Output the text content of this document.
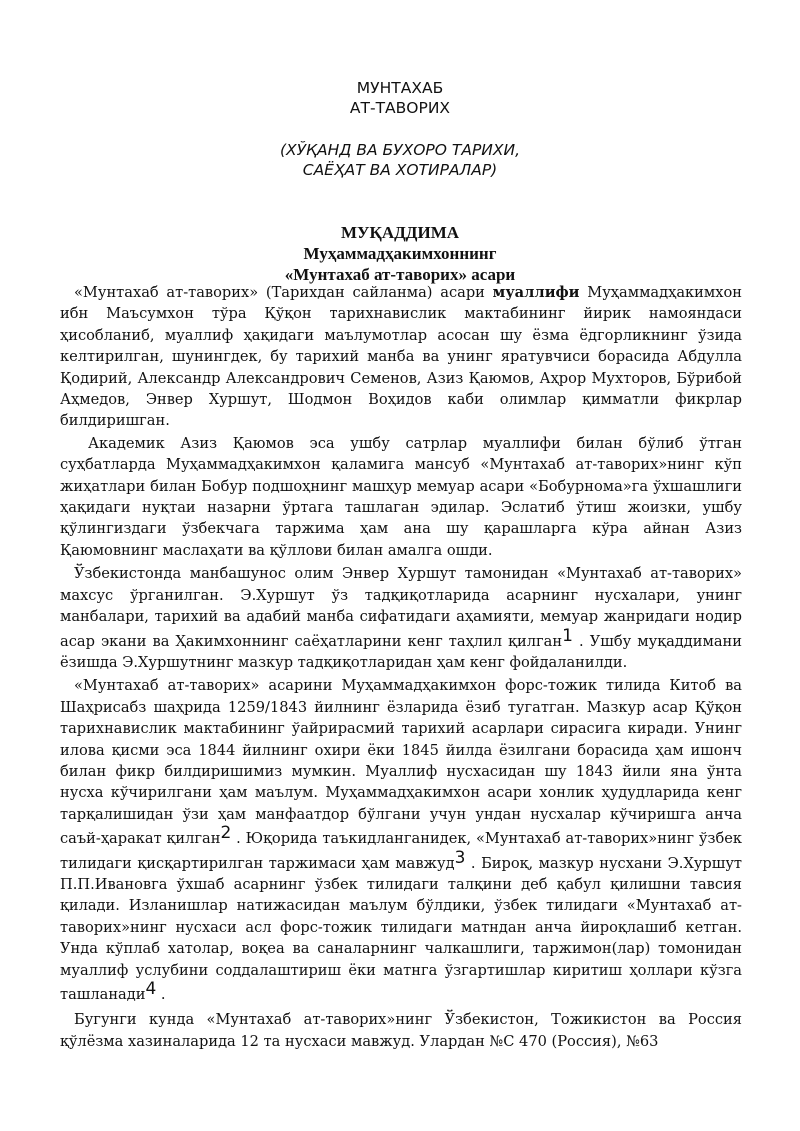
МУНТАХАБ
АТ-ТАВОРИХ
(ХЎҚАНД ВА БУХОРО ТАРИХИ,
САЁҲАТ ВА ХОТИРАЛАР)
МУҚАДДИМА
Муҳаммадҳакимхоннинг
«Мунтахаб ат-таворих» асари

«Мунтахаб ат-таворих» (Тарихдан сайланма) асари муаллифи Муҳаммадҳакимхон ибн Маъсумхон тўра Қўқон тарихнавислик мактабининг йирик намояндаси ҳисобланиб, муаллиф ҳақидаги маълумотлар асосан шу ёзма ёдгорликнинг ўзида келтирилган, шунингдек, бу тарихий манба ва унинг яратувчиси борасида Абдулла Қодирий, Александр Александрович Семенов, Азиз Қаюмов, Аҳрор Мухторов, Бўрибой Аҳмедов, Энвер Хуршут, Шодмон Воҳидов каби олимлар қимматли фикрлар билдиришган.

Академик Азиз Қаюмов эса ушбу сатрлар муаллифи билан бўлиб ўтган суҳбатларда Муҳаммадҳакимхон қаламига мансуб «Мунтахаб ат-таворих»нинг кўп жиҳатлари билан Бобур подшоҳнинг машҳур мемуар асари «Бобурнома»га ўхшашлиги ҳақидаги нуқтаи назарни ўртага ташлаган эдилар. Эслатиб ўтиш жоизки, ушбу қўлингиздаги ўзбекчага таржима ҳам ана шу қарашларга кўра айнан Азиз Қаюмовнинг маслаҳати ва қўллови билан амалга ошди.

Ўзбекистонда манбашунос олим Энвер Хуршут тамонидан «Мунтахаб ат-таворих» махсус ўрганилган. Э.Хуршут ўз тадқиқотларида асарнинг нусхалари, унинг манбалари, тарихий ва адабий манба сифатидаги аҳамияти, мемуар жанридаги нодир асар экани ва Ҳакимхоннинг саёҳатларини кенг таҳлил қилган1 . Ушбу муқаддимани ёзишда Э.Хуршутнинг мазкур тадқиқотларидан ҳам кенг фойдаланилди.

«Мунтахаб ат-таворих» асарини Муҳаммадҳакимхон форс-тожик тилида Китоб ва Шаҳрисабз шаҳрида 1259/1843 йилнинг ёзларида ёзиб тугатган. Мазкур асар Қўқон тарихнавислик мактабининг ўайрирасмий тарихий асарлари сирасига киради. Унинг илова қисми эса 1844 йилнинг охири ёки 1845 йилда ёзилгани борасида ҳам ишонч билан фикр билдиришимиз мумкин. Муаллиф нусхасидан шу 1843 йили яна ўнта нусха кўчирилгани ҳам маълум. Муҳаммадҳакимхон асари хонлик ҳудудларида кенг тарқалишидан ўзи ҳам манфаатдор бўлгани учун ундан нусхалар кўчиришга анча саъй-ҳаракат қилган2 . Юқорида таъкидланганидек, «Мунтахаб ат-таворих»нинг ўзбек тилидаги қисқартирилган таржимаси ҳам мавжуд3 . Бироқ, мазкур нусхани Э.Хуршут П.П.Ивановга ўхшаб асарнинг ўзбек тилидаги талқини деб қабул қилишни тавсия қилади. Изланишлар натижасидан маълум бўлдики, ўзбек тилидаги «Мунтахаб ат-таворих»нинг нусхаси асл форс-тожик тилидаги матндан анча йироқлашиб кетган. Унда кўплаб хатолар, воқеа ва саналарнинг чалкашлиги, таржимон(лар) томонидан муаллиф услубини соддалаштириш ёки матнга ўзгартишлар киритиш ҳоллари кўзга ташланади4 .

Бугунги кунда «Мунтахаб ат-таворих»нинг Ўзбекистон, Тожикистон ва Россия қўлёзма хазиналарида 12 та нусхаси мавжуд. Улардан №С 470 (Россия), №63
